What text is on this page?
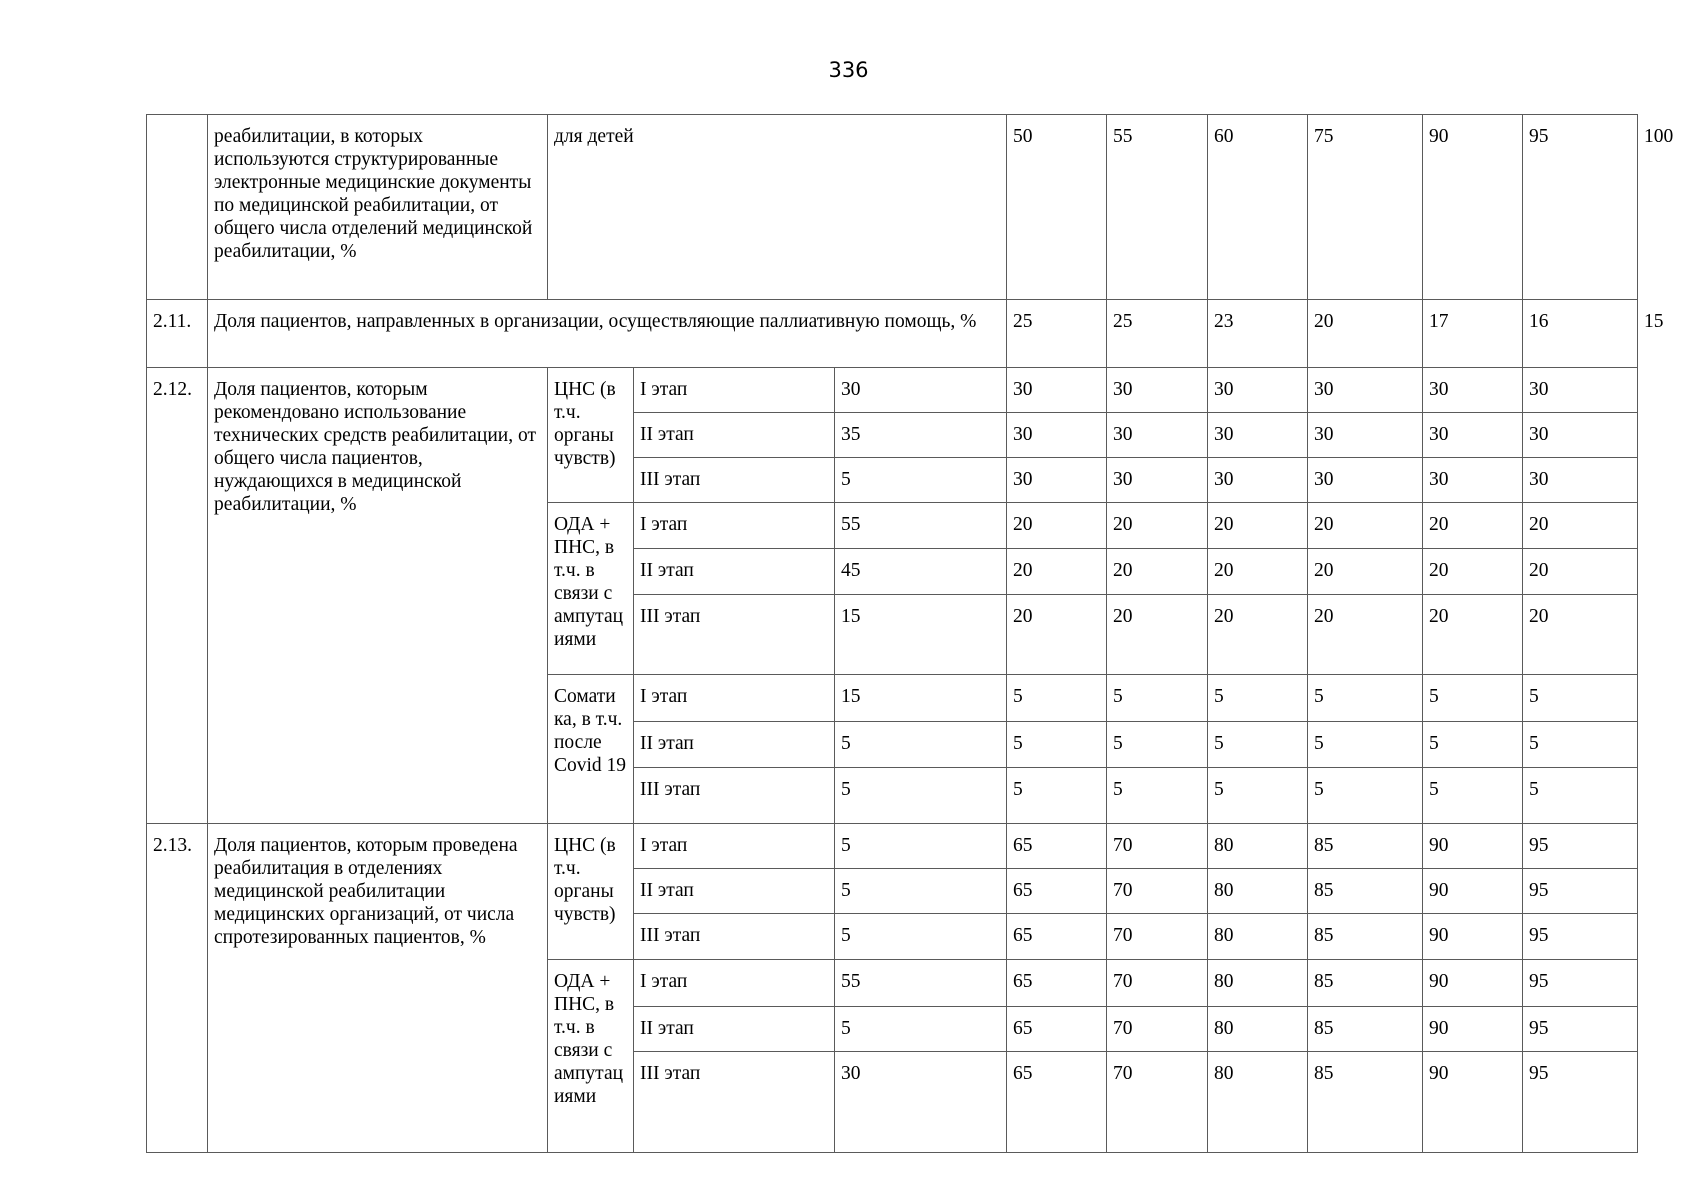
336
	реабилитации, в которых используются структурированные электронные медицинские документы по медицинской реабилитации, от общего числа отделений медицинской реабилитации, %	для детей			50	55	60	75	90	95	100
2.11.	Доля пациентов, направленных в организации, осуществляющие паллиативную помощь, %				25	25	23	20	17	16	15
2.12.	Доля пациентов, которым рекомендовано использование технических средств реабилитации, от общего числа пациентов, нуждающихся в медицинской реабилитации, %	ЦНС (в т.ч. органы чувств)	I этап	30	30	30	30	30	30	30	
			II этап	35	30	30	30	30	30	30	
			III этап	5	30	30	30	30	30	30	
		ОДА + ПНС, в т.ч. в связи с ампутац иями	I этап	55	20	20	20	20	20	20	
			II этап	45	20	20	20	20	20	20	
			III этап	15	20	20	20	20	20	20	
		Сомати ка, в т.ч. после Covid 19	I этап	15	5	5	5	5	5	5	
			II этап	5	5	5	5	5	5	5	
			III этап	5	5	5	5	5	5	5	
2.13.	Доля пациентов, которым проведена реабилитация в отделениях медицинской реабилитации медицинских организаций, от числа спротезированных пациентов, %	ЦНС (в т.ч. органы чувств)	I этап	5	65	70	80	85	90	95	
			II этап	5	65	70	80	85	90	95	
			III этап	5	65	70	80	85	90	95	
		ОДА + ПНС, в т.ч. в связи с ампутац иями	I этап	55	65	70	80	85	90	95	
			II этап	5	65	70	80	85	90	95	
			III этап	30	65	70	80	85	90	95	
